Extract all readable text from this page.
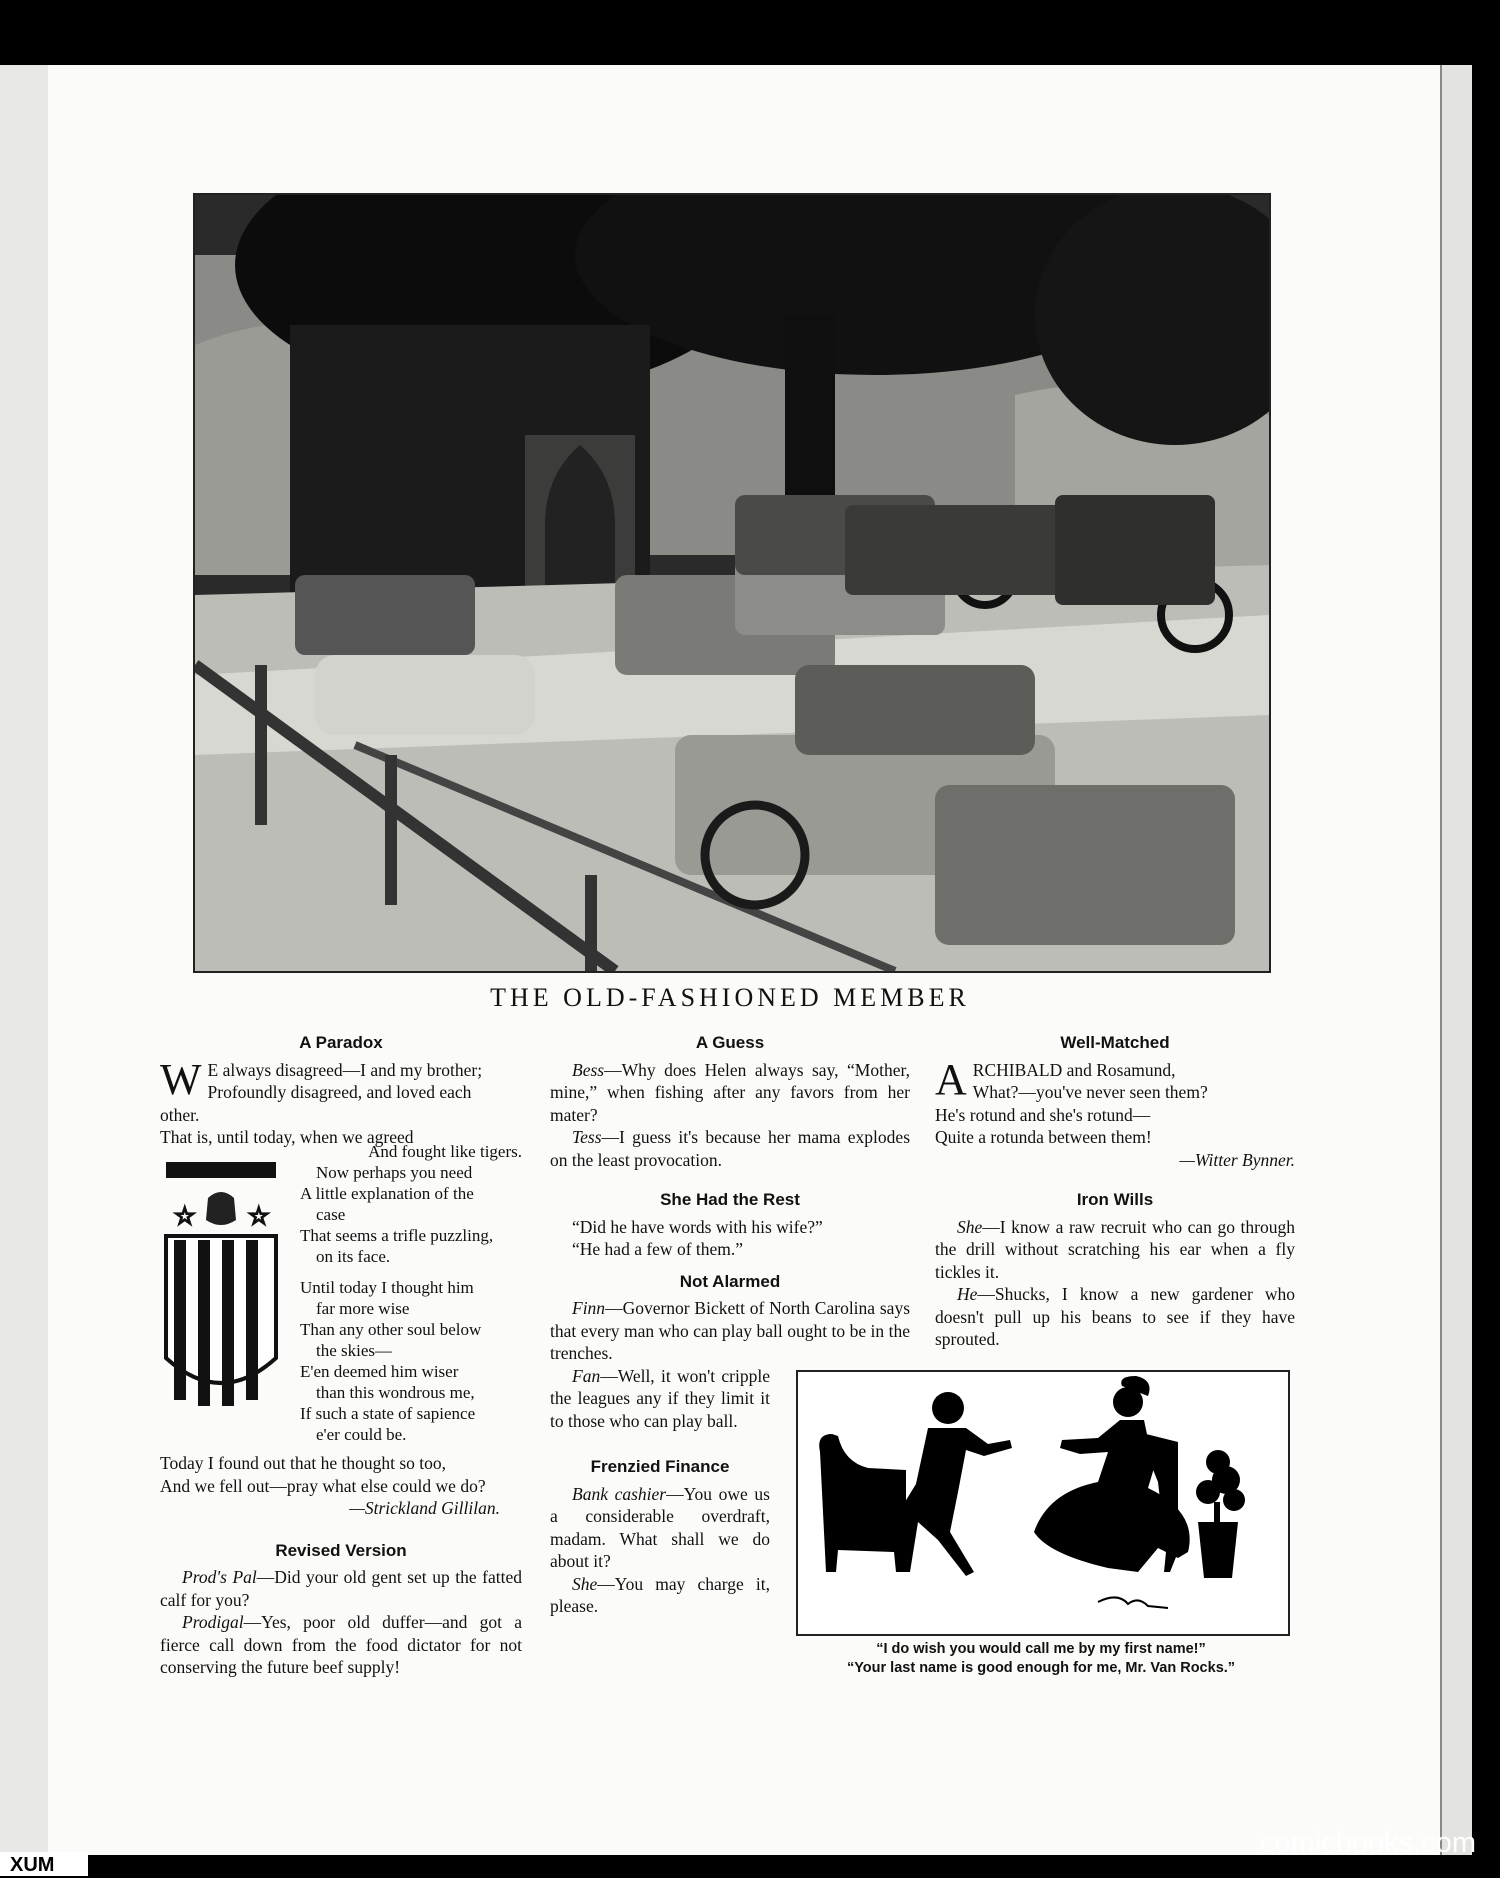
THE OLD-FASHIONED MEMBER
A Paradox
W E always disagreed—I and my brother;
Profoundly disagreed, and loved each
other.
That is, until today, when we agreed
☆ ☆
And fought like tigers.
Now perhaps you need
A little explanation of the
case
That seems a trifle puzzling,
on its face.
Until today I thought him
far more wise
Than any other soul below
the skies—
E'en deemed him wiser
than this wondrous me,
If such a state of sapience
e'er could be.
Today I found out that he thought so too,
And we fell out—pray what else could we do?
—Strickland Gillilan.
Revised Version

Prod's Pal—Did your old gent set up the fatted calf for you?

Prodigal—Yes, poor old duffer—and got a fierce call down from the food dictator for not conserving the future beef supply!

A Guess

Bess—Why does Helen always say, “Mother, mine,” when fishing after any favors from her mater?

Tess—I guess it's because her mama explodes on the least provocation.

She Had the Rest

“Did he have words with his wife?”

“He had a few of them.”

Not Alarmed

Finn—Governor Bickett of North Carolina says that every man who can play ball ought to be in the trenches.

Fan—Well, it won't cripple the leagues any if they limit it to those who can play ball.

Frenzied Finance

Bank cashier—You owe us a considerable overdraft, madam. What shall we do about it?

She—You may charge it, please.

Well-Matched
A RCHIBALD and Rosamund,
What?—you've never seen them?
He's rotund and she's rotund—
Quite a rotunda between them!
—Witter Bynner.
Iron Wills

She—I know a raw recruit who can go through the drill without scratching his ear when a fly tickles it.

He—Shucks, I know a new gardener who doesn't pull up his beans to see if they have sprouted.

“I do wish you would call me by my first name!”
“Your last name is good enough for me, Mr. Van Rocks.”
comicbooks.com
XUM
